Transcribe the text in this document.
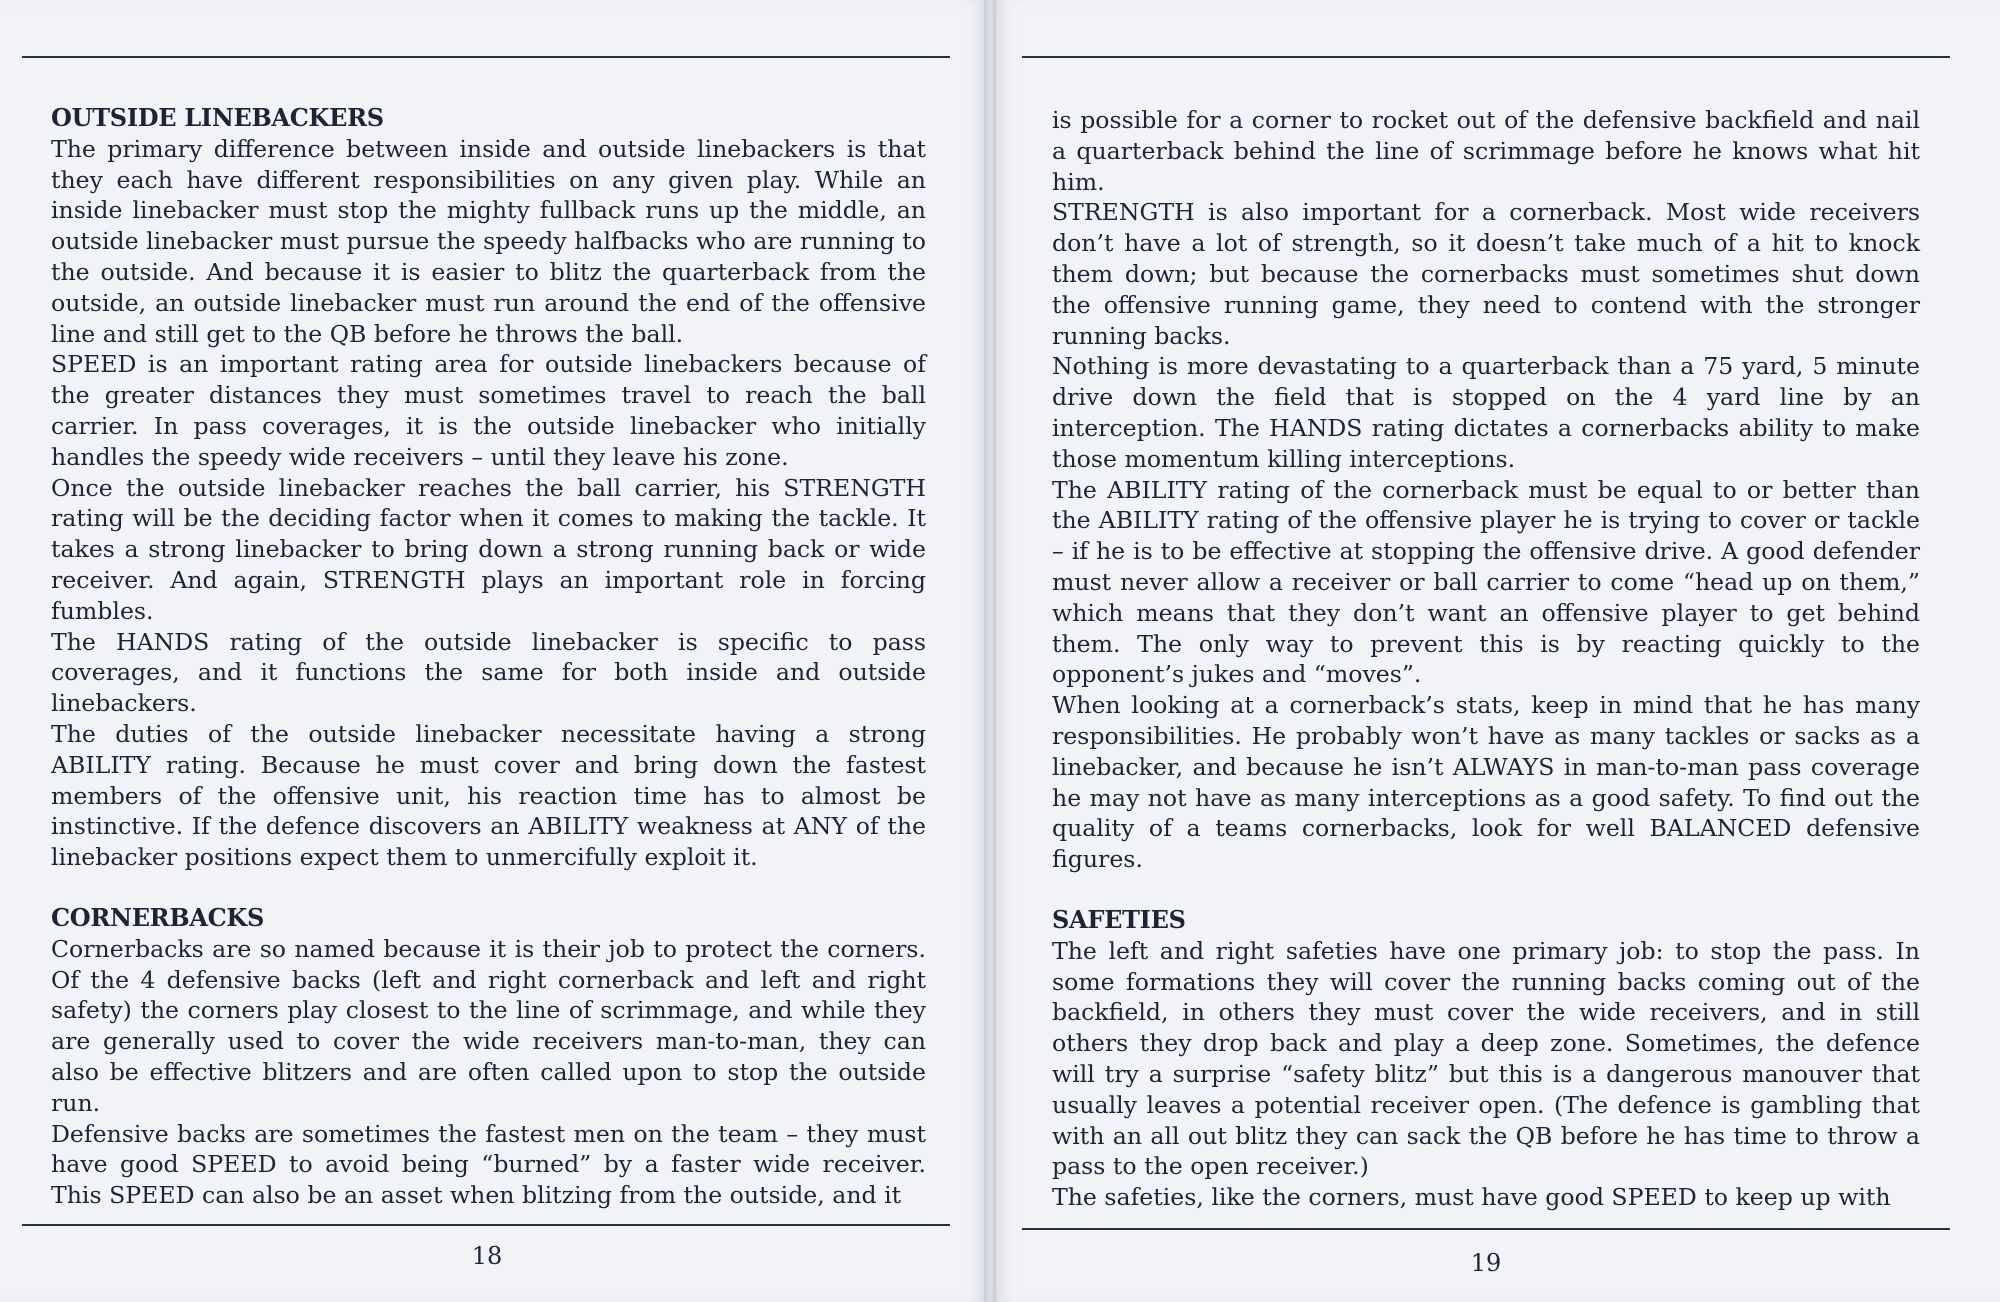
OUTSIDE LINEBACKERS

The primary difference between inside and outside linebackers is that they each have different responsibilities on any given play. While an inside linebacker must stop the mighty fullback runs up the middle, an outside linebacker must pursue the speedy halfbacks who are running to the outside. And because it is easier to blitz the quarterback from the outside, an outside linebacker must run around the end of the offensive line and still get to the QB before he throws the ball.

SPEED is an important rating area for outside linebackers because of the greater distances they must sometimes travel to reach the ball carrier. In pass coverages, it is the outside linebacker who initially handles the speedy wide receivers – until they leave his zone.

Once the outside linebacker reaches the ball carrier, his STRENGTH rating will be the deciding factor when it comes to making the tackle. It takes a strong linebacker to bring down a strong running back or wide receiver. And again, STRENGTH plays an important role in forcing fumbles.

The HANDS rating of the outside linebacker is specific to pass coverages, and it functions the same for both inside and outside linebackers.

The duties of the outside linebacker necessitate having a strong ABILITY rating. Because he must cover and bring down the fastest members of the offensive unit, his reaction time has to almost be instinctive. If the defence discovers an ABILITY weakness at ANY of the linebacker positions expect them to unmercifully exploit it.

CORNERBACKS

Cornerbacks are so named because it is their job to protect the corners. Of the 4 defensive backs (left and right cornerback and left and right safety) the corners play closest to the line of scrimmage, and while they are generally used to cover the wide receivers man-to-man, they can also be effective blitzers and are often called upon to stop the outside run.

Defensive backs are sometimes the fastest men on the team – they must have good SPEED to avoid being “burned” by a faster wide receiver. This SPEED can also be an asset when blitzing from the outside, and it

18

is possible for a corner to rocket out of the defensive backfield and nail a quarterback behind the line of scrimmage before he knows what hit him.

STRENGTH is also important for a cornerback. Most wide receivers don’t have a lot of strength, so it doesn’t take much of a hit to knock them down; but because the cornerbacks must sometimes shut down the offensive running game, they need to contend with the stronger running backs.

Nothing is more devastating to a quarterback than a 75 yard, 5 minute drive down the field that is stopped on the 4 yard line by an interception. The HANDS rating dictates a cornerbacks ability to make those momentum killing interceptions.

The ABILITY rating of the cornerback must be equal to or better than the ABILITY rating of the offensive player he is trying to cover or tackle – if he is to be effective at stopping the offensive drive. A good defender must never allow a receiver or ball carrier to come “head up on them,” which means that they don’t want an offensive player to get behind them. The only way to prevent this is by reacting quickly to the opponent’s jukes and “moves”.

When looking at a cornerback’s stats, keep in mind that he has many responsibilities. He probably won’t have as many tackles or sacks as a linebacker, and because he isn’t ALWAYS in man-to-man pass coverage he may not have as many interceptions as a good safety. To find out the quality of a teams cornerbacks, look for well BALANCED defensive figures.

SAFETIES

The left and right safeties have one primary job: to stop the pass. In some formations they will cover the running backs coming out of the backfield, in others they must cover the wide receivers, and in still others they drop back and play a deep zone. Sometimes, the defence will try a surprise “safety blitz” but this is a dangerous manouver that usually leaves a potential receiver open. (The defence is gambling that with an all out blitz they can sack the QB before he has time to throw a pass to the open receiver.)

The safeties, like the corners, must have good SPEED to keep up with

19
